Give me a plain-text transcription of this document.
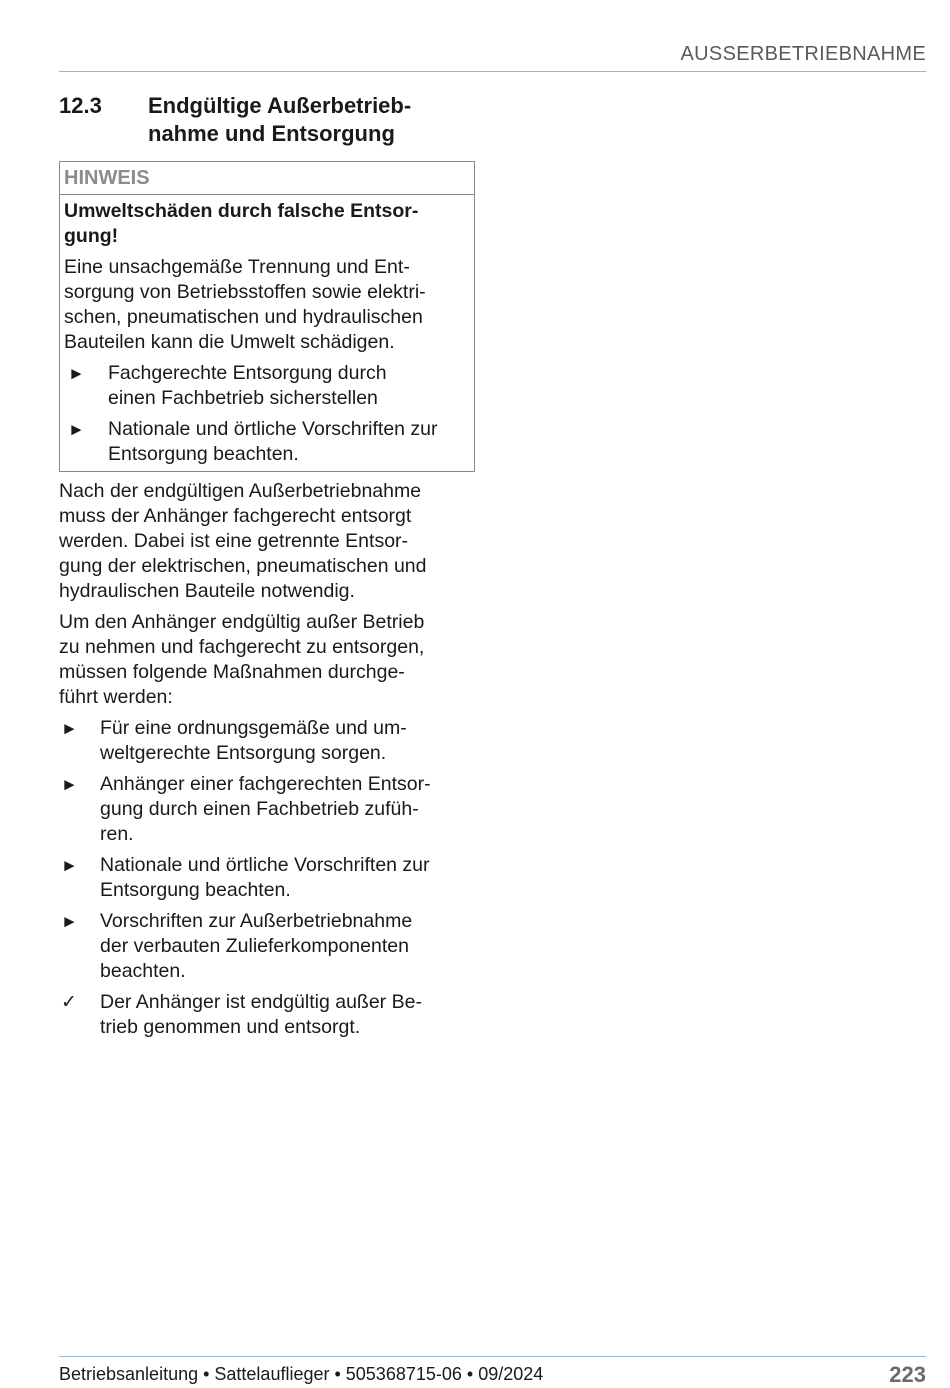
AUSSERBETRIEBNAHME
12.3 Endgültige Außerbetrieb-
nahme und Entsorgung
HINWEIS

Umweltschäden durch falsche Entsor-
gung!

Eine unsachgemäße Trennung und Ent-
sorgung von Betriebsstoffen sowie elektri-
schen, pneumatischen und hydraulischen
Bauteilen kann die Umwelt schädigen.

► Fachgerechte Entsorgung durch
einen Fachbetrieb sicherstellen
► Nationale und örtliche Vorschriften zur
Entsorgung beachten.

Nach der endgültigen Außerbetriebnahme
muss der Anhänger fachgerecht entsorgt
werden. Dabei ist eine getrennte Entsor-
gung der elektrischen, pneumatischen und
hydraulischen Bauteile notwendig.

Um den Anhänger endgültig außer Betrieb
zu nehmen und fachgerecht zu entsorgen,
müssen folgende Maßnahmen durchge-
führt werden:

► Für eine ordnungsgemäße und um-
weltgerechte Entsorgung sorgen.
► Anhänger einer fachgerechten Entsor-
gung durch einen Fachbetrieb zufüh-
ren.
► Nationale und örtliche Vorschriften zur
Entsorgung beachten.
► Vorschriften zur Außerbetriebnahme
der verbauten Zulieferkomponenten
beachten.
✓ Der Anhänger ist endgültig außer Be-
trieb genommen und entsorgt.
Betriebsanleitung • Sattelauflieger • 505368715-06 • 09/2024	223
